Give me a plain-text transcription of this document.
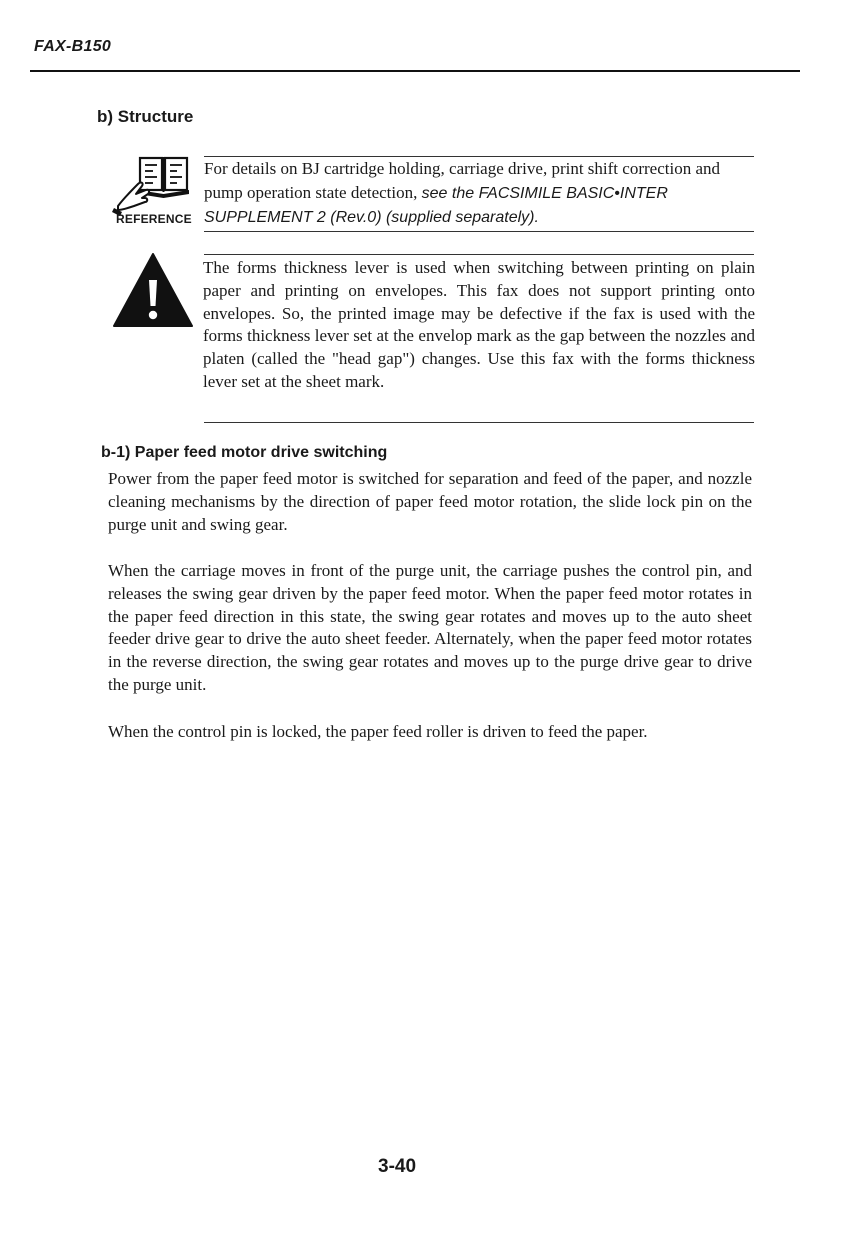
FAX-B150
b) Structure
REFERENCE
For details on BJ cartridge holding, carriage drive, print shift correction and pump operation state detection, see the FACSIMILE BASIC•INTER SUPPLEMENT 2 (Rev.0) (supplied separately).
The forms thickness lever is used when switching between printing on plain paper and printing on envelopes. This fax does not support printing onto envelopes. So, the printed image may be defective if the fax is used with the forms thickness lever set at the envelop mark as the gap between the nozzles and platen (called the "head gap") changes. Use this fax with the forms thickness lever set at the sheet mark.
b-1) Paper feed motor drive switching

Power from the paper feed motor is switched for separation and feed of the paper, and nozzle cleaning mechanisms by the direction of paper feed motor rotation, the slide lock pin on the purge unit and swing gear.

When the carriage moves in front of the purge unit, the carriage pushes the control pin, and releases the swing gear driven by the paper feed motor. When the paper feed motor rotates in the paper feed direction in this state, the swing gear rotates and moves up to the auto sheet feeder drive gear to drive the auto sheet feeder. Alternately, when the paper feed motor rotates in the reverse direction, the swing gear rotates and moves up to the purge drive gear to drive the purge unit.

When the control pin is locked, the paper feed roller is driven to feed the paper.

3-40
